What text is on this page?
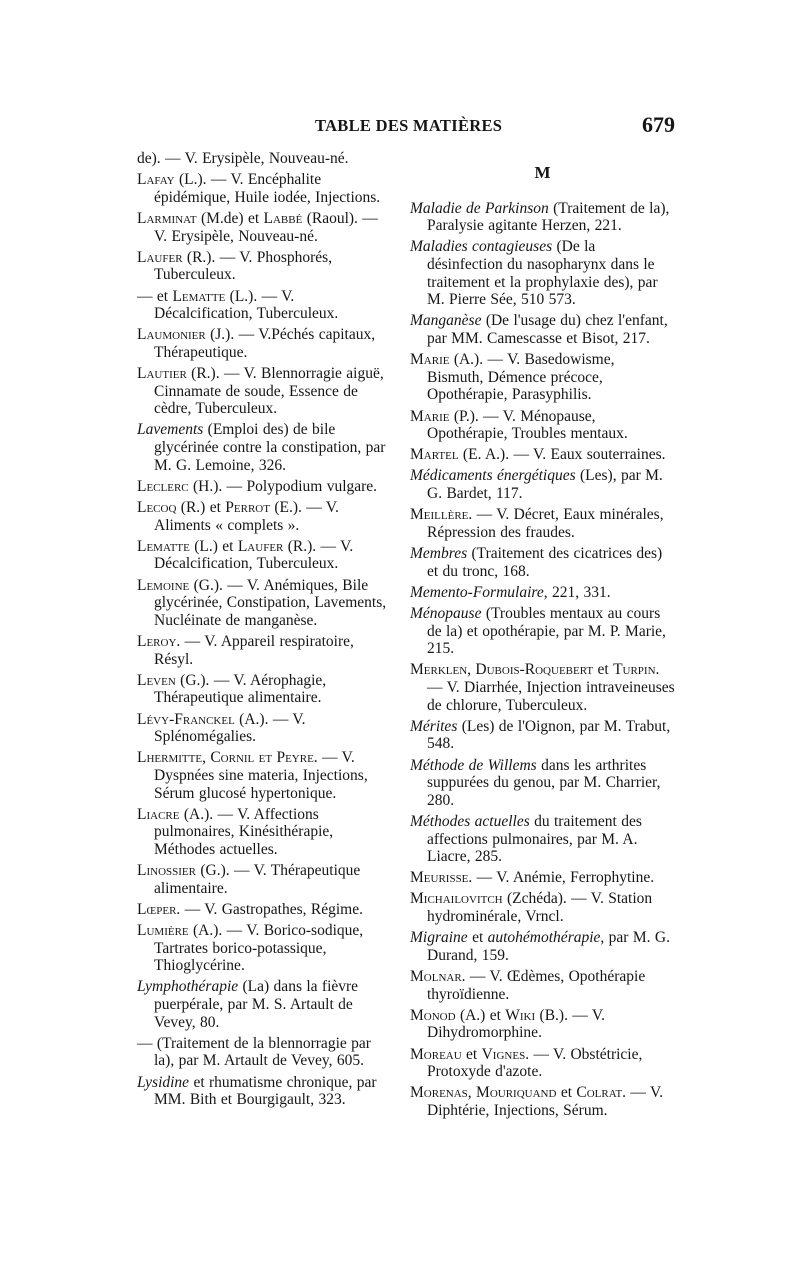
TABLE DES MATIÈRES	679

de). — V. Erysipèle, Nouveau-né.

Lafay (L.). — V. Encéphalite épidémique, Huile iodée, Injections.

Larminat (M.de) et Labbé (Raoul). — V. Erysipèle, Nouveau-né.

Laufer (R.). — V. Phosphorés, Tuberculeux.

— et Lematte (L.). — V. Décalcification, Tuberculeux.

Laumonier (J.). — V.Péchés capitaux, Thérapeutique.

Lautier (R.). — V. Blennorragie aiguë, Cinnamate de soude, Essence de cèdre, Tuberculeux.

Lavements (Emploi des) de bile glycérinée contre la constipation, par M. G. Lemoine, 326.

Leclerc (H.). — Polypodium vulgare.

Lecoq (R.) et Perrot (E.). — V. Aliments « complets ».

Lematte (L.) et Laufer (R.). — V. Décalcification, Tuberculeux.

Lemoine (G.). — V. Anémiques, Bile glycérinée, Constipation, Lavements, Nucléinate de manganèse.

Leroy. — V. Appareil respiratoire, Résyl.

Leven (G.). — V. Aérophagie, Thérapeutique alimentaire.

Lévy-Franckel (A.). — V. Splénomégalies.

Lhermitte, Cornil et Peyre. — V. Dyspnées sine materia, Injections, Sérum glucosé hypertonique.

Liacre (A.). — V. Affections pulmonaires, Kinésithérapie, Méthodes actuelles.

Linossier (G.). — V. Thérapeutique alimentaire.

Lœper. — V. Gastropathes, Régime.

Lumière (A.). — V. Borico-sodique, Tartrates borico-potassique, Thioglycérine.

Lymphothérapie (La) dans la fièvre puerpérale, par M. S. Artault de Vevey, 80.

— (Traitement de la blennorragie par la), par M. Artault de Vevey, 605.

Lysidine et rhumatisme chronique, par MM. Bith et Bourgigault, 323.

M

Maladie de Parkinson (Traitement de la), Paralysie agitante Herzen, 221.

Maladies contagieuses (De la désinfection du nasopharynx dans le traitement et la prophylaxie des), par M. Pierre Sée, 510 573.

Manganèse (De l'usage du) chez l'enfant, par MM. Camescasse et Bisot, 217.

Marie (A.). — V. Basedowisme, Bismuth, Démence précoce, Opothérapie, Parasyphilis.

Marie (P.). — V. Ménopause, Opothérapie, Troubles mentaux.

Martel (E. A.). — V. Eaux souterraines.

Médicaments énergétiques (Les), par M. G. Bardet, 117.

Meillère. — V. Décret, Eaux minérales, Répression des fraudes.

Membres (Traitement des cicatrices des) et du tronc, 168.

Memento-Formulaire, 221, 331.

Ménopause (Troubles mentaux au cours de la) et opothérapie, par M. P. Marie, 215.

Merklen, Dubois-Roquebert et Turpin. — V. Diarrhée, Injection intraveineuses de chlorure, Tuberculeux.

Mérites (Les) de l'Oignon, par M. Trabut, 548.

Méthode de Willems dans les arthrites suppurées du genou, par M. Charrier, 280.

Méthodes actuelles du traitement des affections pulmonaires, par M. A. Liacre, 285.

Meurisse. — V. Anémie, Ferrophytine.

Michailovitch (Zchéda). — V. Station hydrominérale, Vrncl.

Migraine et autohémothérapie, par M. G. Durand, 159.

Molnar. — V. Œdèmes, Opothérapie thyroïdienne.

Monod (A.) et Wiki (B.). — V. Dihydromorphine.

Moreau et Vignes. — V. Obstétricie, Protoxyde d'azote.

Morenas, Mouriquand et Colrat. — V. Diphtérie, Injections, Sérum.
